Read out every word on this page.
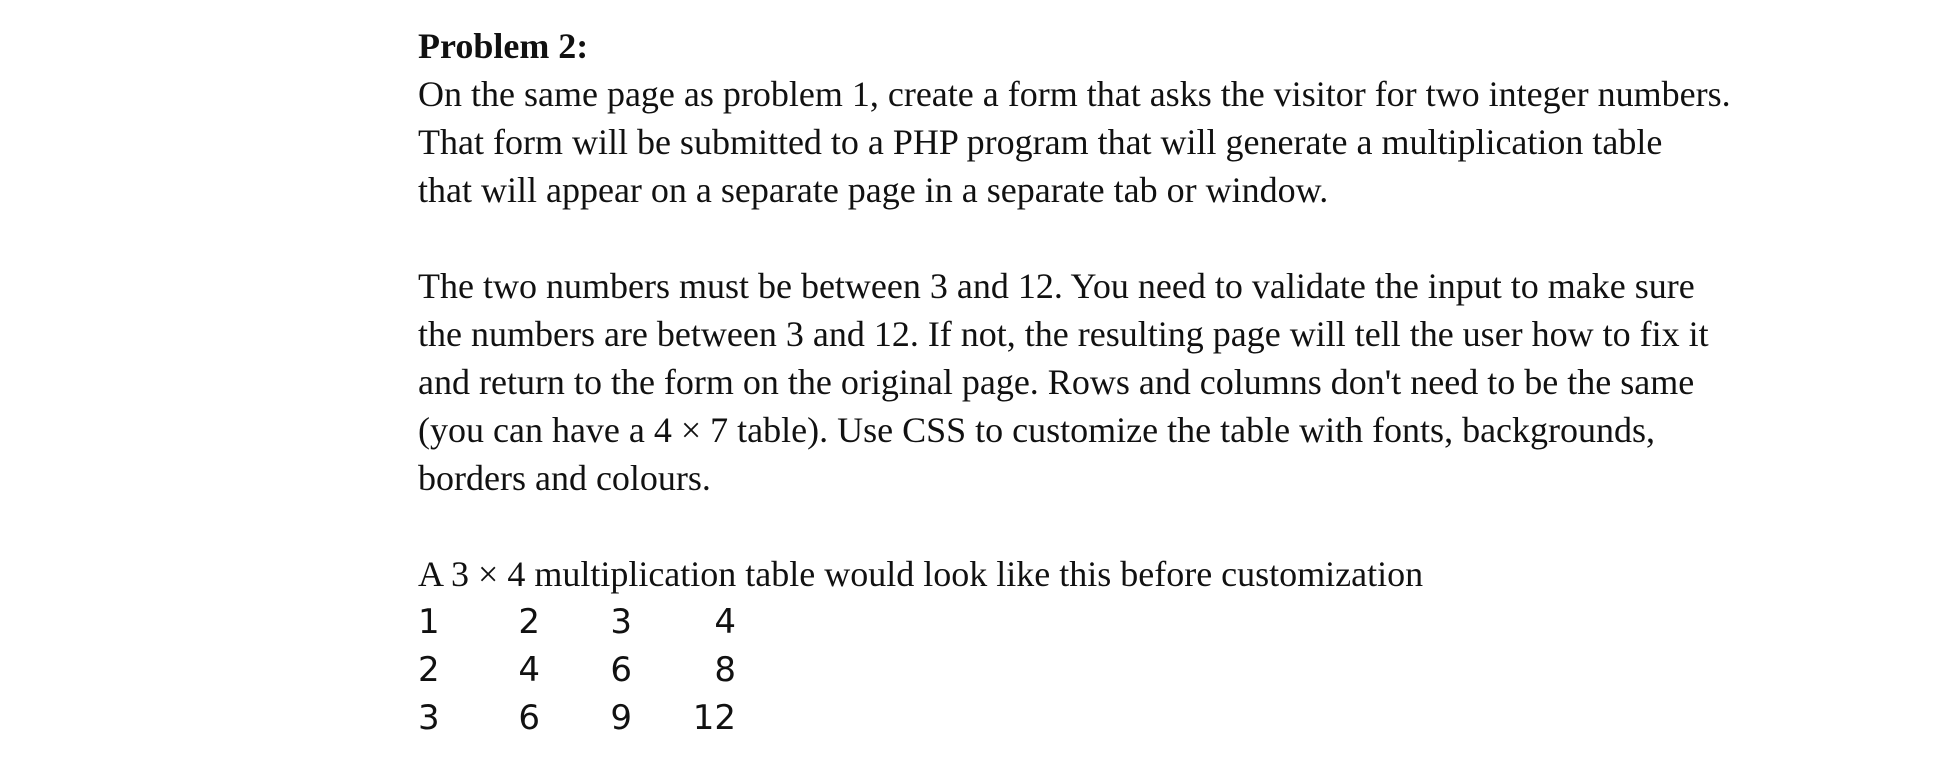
Problem 2:

On the same page as problem 1, create a form that asks the visitor for two integer numbers.

That form will be submitted to a PHP program that will generate a multiplication table

that will appear on a separate page in a separate tab or window.

The two numbers must be between 3 and 12. You need to validate the input to make sure

the numbers are between 3 and 12. If not, the resulting page will tell the user how to fix it

and return to the form on the original page. Rows and columns don't need to be the same

(you can have a 4 × 7 table). Use CSS to customize the table with fonts, backgrounds,

borders and colours.

A 3 × 4 multiplication table would look like this before customization

1	2	3	4
2	4	6	8
3	6	9	12
